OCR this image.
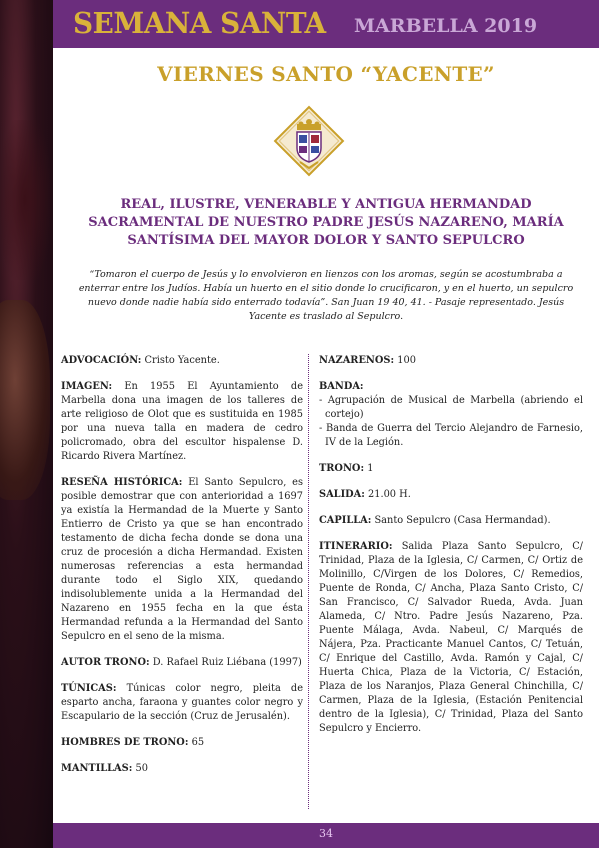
SEMANA SANTA MARBELLA 2019
VIERNES SANTO “YACENTE”
REAL, ILUSTRE, VENERABLE Y ANTIGUA HERMANDAD
SACRAMENTAL DE NUESTRO PADRE JESÚS NAZARENO, MARÍA
SANTÍSIMA DEL MAYOR DOLOR Y SANTO SEPULCRO
“Tomaron el cuerpo de Jesús y lo envolvieron en lienzos con los aromas, según se acostumbraba a enterrar entre los Judíos. Había un huerto en el sitio donde lo crucificaron, y en el huerto, un sepulcro nuevo donde nadie había sido enterrado todavía”. San Juan 19 40, 41. - Pasaje representado. Jesús Yacente es traslado al Sepulcro.
ADVOCACIÓN: Cristo Yacente.
IMAGEN: En 1955 El Ayuntamiento de Marbella dona una imagen de los talleres de arte religioso de Olot que es sustituida en 1985 por una nueva talla en madera de cedro policromado, obra del escultor hispalense D. Ricardo Rivera Martínez.
RESEÑA HISTÓRICA: El Santo Sepulcro, es posible demostrar que con anterioridad a 1697 ya existía la Hermandad de la Muerte y Santo Entierro de Cristo ya que se han encontrado testamento de dicha fecha donde se dona una cruz de procesión a dicha Hermandad. Existen numerosas referencias a esta hermandad durante todo el Siglo XIX, quedando indisolublemente unida a la Hermandad del Nazareno en 1955 fecha en la que ésta Hermandad refunda a la Hermandad del Santo Sepulcro en el seno de la misma.
AUTOR TRONO: D. Rafael Ruiz Liébana (1997)
TÚNICAS: Túnicas color negro, pleita de esparto ancha, faraona y guantes color negro y Escapulario de la sección (Cruz de Jerusalén).
HOMBRES DE TRONO: 65
MANTILLAS: 50
NAZARENOS: 100
BANDA:
- Agrupación de Musical de Marbella (abriendo el cortejo)
- Banda de Guerra del Tercio Alejandro de Farnesio, IV de la Legión.
TRONO: 1
SALIDA: 21.00 H.
CAPILLA: Santo Sepulcro (Casa Hermandad).
ITINERARIO: Salida Plaza Santo Sepulcro, C/ Trinidad, Plaza de la Iglesia, C/ Carmen, C/ Ortiz de Molinillo, C/Virgen de los Dolores, C/ Remedios, Puente de Ronda, C/ Ancha, Plaza Santo Cristo, C/ San Francisco, C/ Salvador Rueda, Avda. Juan Alameda, C/ Ntro. Padre Jesús Nazareno, Pza. Puente Málaga, Avda. Nabeul, C/ Marqués de Nájera, Pza. Practicante Manuel Cantos, C/ Tetuán, C/ Enrique del Castillo, Avda. Ramón y Cajal, C/ Huerta Chica, Plaza de la Victoria, C/ Estación, Plaza de los Naranjos, Plaza General Chinchilla, C/ Carmen, Plaza de la Iglesia, (Estación Penitencial dentro de la Iglesia), C/ Trinidad, Plaza del Santo Sepulcro y Encierro.
34
